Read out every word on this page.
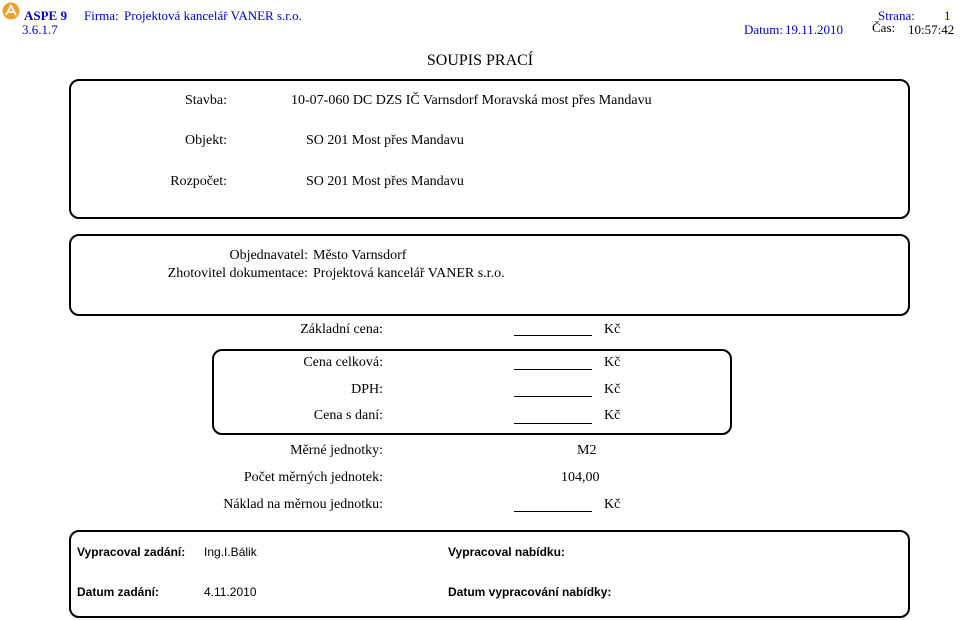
ASPE 9
3.6.1.7
Firma: Projektová kancelář VANER s.r.o.	Strana: 1
Datum: 19.11.2010 Čas: 10:57:42
SOUPIS PRACÍ
Stavba:	10-07-060 DC DZS IČ Varnsdorf Moravská most přes Mandavu
Objekt:	SO 201 Most přes Mandavu
Rozpočet:	SO 201 Most přes Mandavu
Objednavatel: Město Varnsdorf
Zhotovitel dokumentace: Projektová kancelář VANER s.r.o.
Základní cena:	Kč
Cena celková:	Kč
DPH:	Kč
Cena s daní:	Kč
Měrné jednotky:	M2
Počet měrných jednotek:	104,00
Náklad na měrnou jednotku:	Kč
Vypracoval zadání: Ing.I.Bálik	Vypracoval nabídku:
Datum zadání:	4.11.2010	Datum vypracování nabídky:
